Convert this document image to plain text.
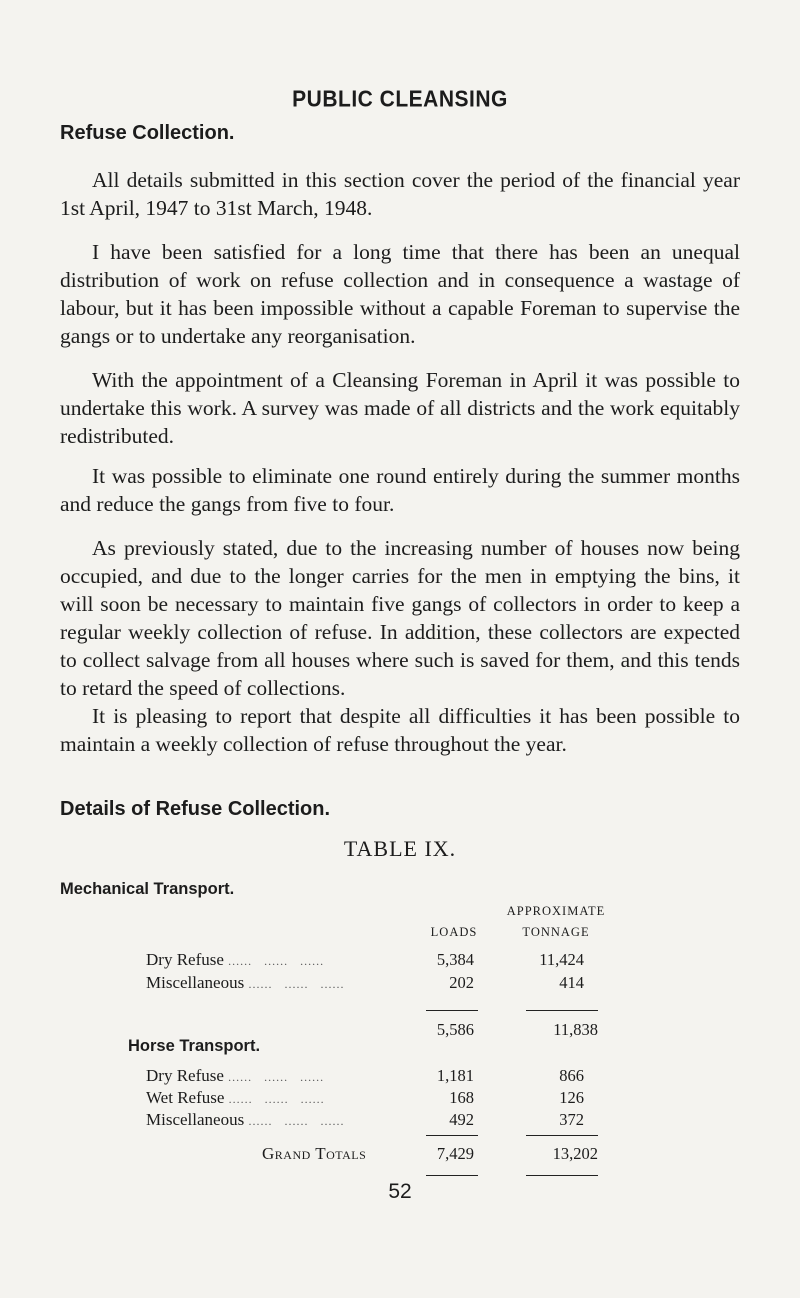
PUBLIC CLEANSING
Refuse Collection.

All details submitted in this section cover the period of the financial year 1st April, 1947 to 31st March, 1948.

I have been satisfied for a long time that there has been an unequal distribution of work on refuse collection and in consequence a wastage of labour, but it has been impossible without a capable Foreman to supervise the gangs or to undertake any reorganisation.

With the appointment of a Cleansing Foreman in April it was possible to undertake this work. A survey was made of all districts and the work equitably redistributed.

It was possible to eliminate one round entirely during the summer months and reduce the gangs from five to four.

As previously stated, due to the increasing number of houses now being occupied, and due to the longer carries for the men in emptying the bins, it will soon be necessary to maintain five gangs of collectors in order to keep a regular weekly collection of refuse. In addition, these collectors are expected to collect salvage from all houses where such is saved for them, and this tends to retard the speed of collections.

It is pleasing to report that despite all difficulties it has been possible to maintain a weekly collection of refuse throughout the year.

Details of Refuse Collection.
TABLE IX.
Mechanical Transport.
APPROXIMATE
LOADS	TONNAGE
Dry Refuse ......   ......   ......	5,384	11,424
Miscellaneous ......   ......   ......	202	414
5,586	11,838
Horse Transport.
Dry Refuse ......   ......   ......	1,181	866
Wet Refuse ......   ......   ......	168	126
Miscellaneous ......   ......   ......	492	372
Grand Totals	7,429	13,202
52
